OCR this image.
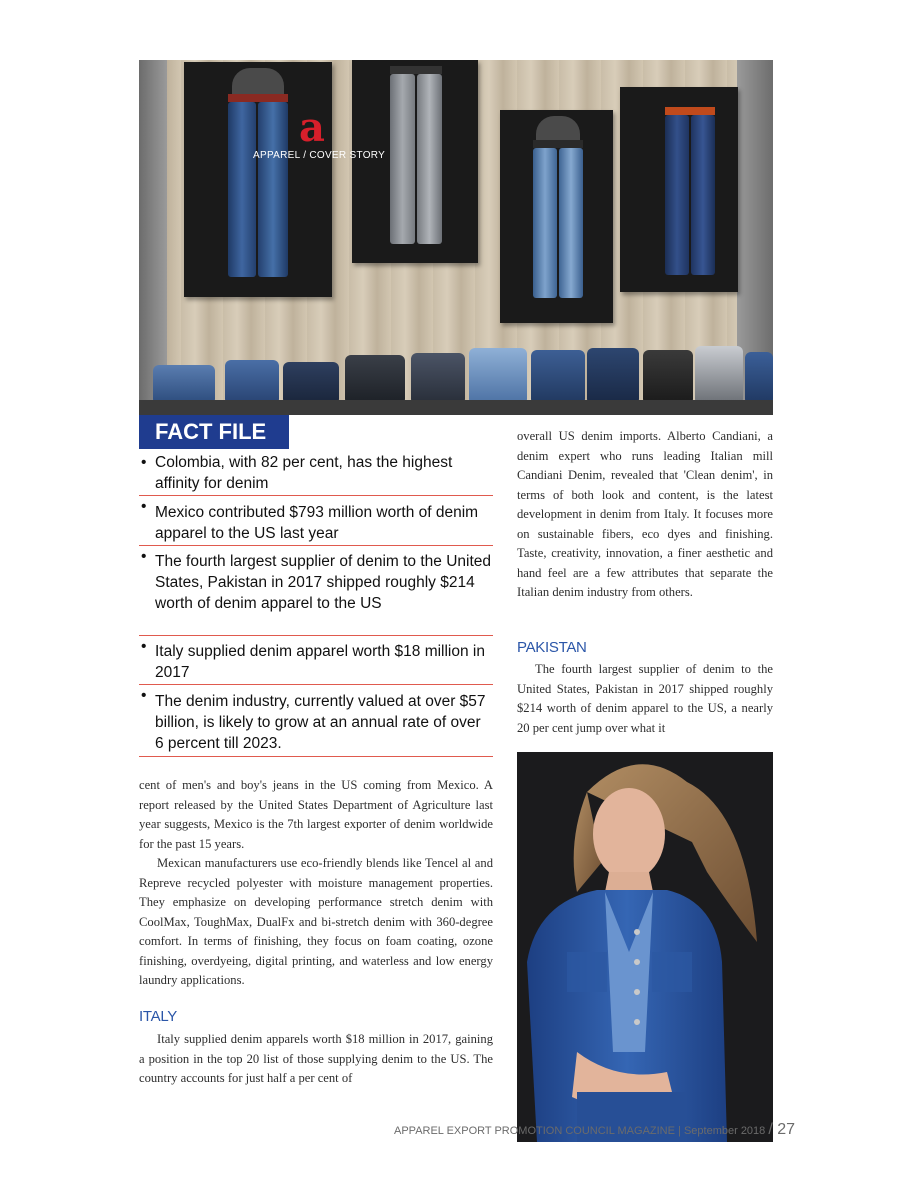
a
APPAREL / COVER STORY
FACT FILE
• Colombia, with 82 per cent, has the highest affinity for denim
• Mexico contributed $793 million worth of denim apparel to the US last year
• The fourth largest supplier of denim to the United States, Pakistan in 2017 shipped roughly $214 worth of denim apparel to the US
• Italy supplied denim apparel worth $18 million in 2017
• The denim industry, currently valued at over $57 billion, is likely to grow at an annual rate of over 6 percent till 2023.

cent of men's and boy's jeans in the US coming from Mexico. A report released by the United States Department of Agriculture last year suggests, Mexico is the 7th largest exporter of denim worldwide for the past 15 years.

Mexican manufacturers use eco-friendly blends like Tencel al and Repreve recycled polyester with moisture management properties. They emphasize on developing performance stretch denim with CoolMax, ToughMax, DualFx and bi-stretch denim with 360-degree comfort. In terms of finishing, they focus on foam coating, ozone finishing, overdyeing, digital printing, and waterless and low energy laundry applications.

ITALY

Italy supplied denim apparels worth $18 million in 2017, gaining a position in the top 20 list of those supplying denim to the US. The country accounts for just half a per cent of

overall US denim imports. Alberto Candiani, a denim expert who runs leading Italian mill Candiani Denim, revealed that 'Clean denim', in terms of both look and content, is the latest development in denim from Italy. It focuses more on sustainable fibers, eco dyes and finishing. Taste, creativity, innovation, a finer aesthetic and hand feel are a few attributes that separate the Italian denim industry from others.

PAKISTAN

The fourth largest supplier of denim to the United States, Pakistan in 2017 shipped roughly $214 worth of denim apparel to the US, a nearly 20 per cent jump over what it

APPAREL EXPORT PROMOTION COUNCIL MAGAZINE | September 2018 / 27
